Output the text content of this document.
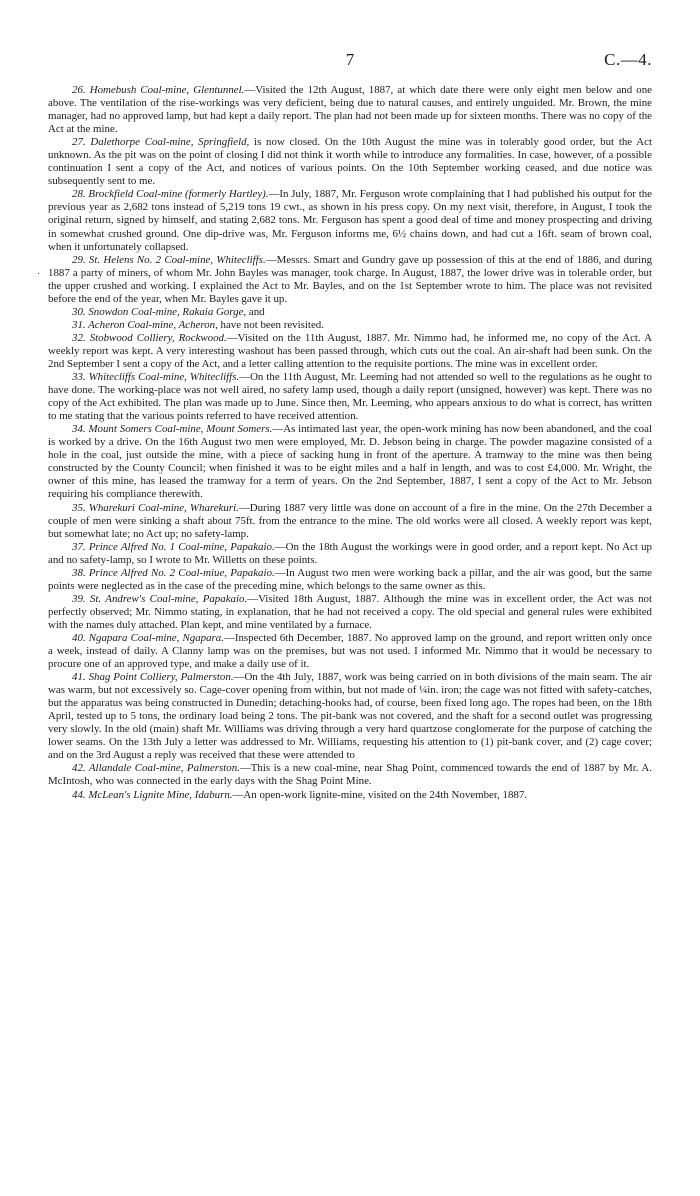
7	C.—4.
·

26. Homebush Coal-mine, Glentunnel.—Visited the 12th August, 1887, at which date there were only eight men below and one above. The ventilation of the rise-workings was very deficient, being due to natural causes, and entirely unguided. Mr. Brown, the mine manager, had no approved lamp, but had kept a daily report. The plan had not been made up for sixteen months. There was no copy of the Act at the mine.

27. Dalethorpe Coal-mine, Springfield, is now closed. On the 10th August the mine was in tolerably good order, but the Act unknown. As the pit was on the point of closing I did not think it worth while to introduce any formalities. In case, however, of a possible continuation I sent a copy of the Act, and notices of various points. On the 10th September working ceased, and due notice was subsequently sent to me.

28. Brockfield Coal-mine (formerly Hartley).—In July, 1887, Mr. Ferguson wrote complaining that I had published his output for the previous year as 2,682 tons instead of 5,219 tons 19 cwt., as shown in his press copy. On my next visit, therefore, in August, I took the original return, signed by himself, and stating 2,682 tons. Mr. Ferguson has spent a good deal of time and money prospecting and driving in somewhat crushed ground. One dip-drive was, Mr. Ferguson informs me, 6½ chains down, and had cut a 16ft. seam of brown coal, when it unfortunately collapsed.

29. St. Helens No. 2 Coal-mine, Whitecliffs.—Messrs. Smart and Gundry gave up possession of this at the end of 1886, and during 1887 a party of miners, of whom Mr. John Bayles was manager, took charge. In August, 1887, the lower drive was in tolerable order, but the upper crushed and working. I explained the Act to Mr. Bayles, and on the 1st September wrote to him. The place was not revisited before the end of the year, when Mr. Bayles gave it up.

30. Snowdon Coal-mine, Rakaia Gorge, and

31. Acheron Coal-mine, Acheron, have not been revisited.

32. Stobwood Colliery, Rockwood.—Visited on the 11th August, 1887. Mr. Nimmo had, he informed me, no copy of the Act. A weekly report was kept. A very interesting washout has been passed through, which cuts out the coal. An air-shaft had been sunk. On the 2nd September I sent a copy of the Act, and a letter calling attention to the requisite portions. The mine was in excellent order.

33. Whitecliffs Coal-mine, Whitecliffs.—On the 11th August, Mr. Leeming had not attended so well to the regulations as he ought to have done. The working-place was not well aired, no safety lamp used, though a daily report (unsigned, however) was kept. There was no copy of the Act exhibited. The plan was made up to June. Since then, Mr. Leeming, who appears anxious to do what is correct, has written to me stating that the various points referred to have received attention.

34. Mount Somers Coal-mine, Mount Somers.—As intimated last year, the open-work mining has now been abandoned, and the coal is worked by a drive. On the 16th August two men were employed, Mr. D. Jebson being in charge. The powder magazine consisted of a hole in the coal, just outside the mine, with a piece of sacking hung in front of the aperture. A tramway to the mine was then being constructed by the County Council; when finished it was to be eight miles and a half in length, and was to cost £4,000. Mr. Wright, the owner of this mine, has leased the tramway for a term of years. On the 2nd September, 1887, I sent a copy of the Act to Mr. Jebson requiring his compliance therewith.

35. Wharekuri Coal-mine, Wharekuri.—During 1887 very little was done on account of a fire in the mine. On the 27th December a couple of men were sinking a shaft about 75ft. from the entrance to the mine. The old works were all closed. A weekly report was kept, but somewhat late; no Act up; no safety-lamp.

37. Prince Alfred No. 1 Coal-mine, Papakaio.—On the 18th August the workings were in good order, and a report kept. No Act up and no safety-lamp, so I wrote to Mr. Willetts on these points.

38. Prince Alfred No. 2 Coal-miue, Papakaio.—In August two men were working back a pillar, and the air was good, but the same points were neglected as in the case of the preceding mine, which belongs to the same owner as this.

39. St. Andrew's Coal-mine, Papakaio.—Visited 18th August, 1887. Although the mine was in excellent order, the Act was not perfectly observed; Mr. Nimmo stating, in explanation, that he had not received a copy. The old special and general rules were exhibited with the names duly attached. Plan kept, and mine ventilated by a furnace.

40. Ngapara Coal-mine, Ngapara.—Inspected 6th December, 1887. No approved lamp on the ground, and report written only once a week, instead of daily. A Clanny lamp was on the premises, but was not used. I informed Mr. Nimmo that it would be necessary to procure one of an approved type, and make a daily use of it.

41. Shag Point Colliery, Palmerston.—On the 4th July, 1887, work was being carried on in both divisions of the main seam. The air was warm, but not excessively so. Cage-cover opening from within, but not made of ¼in. iron; the cage was not fitted with safety-catches, but the apparatus was being constructed in Dunedin; detaching-hooks had, of course, been fixed long ago. The ropes had been, on the 18th April, tested up to 5 tons, the ordinary load being 2 tons. The pit-bank was not covered, and the shaft for a second outlet was progressing very slowly. In the old (main) shaft Mr. Williams was driving through a very hard quartzose conglomerate for the purpose of catching the lower seams. On the 13th July a letter was addressed to Mr. Williams, requesting his attention to (1) pit-bank cover, and (2) cage cover; and on the 3rd August a reply was received that these were attended to

42. Allandale Coal-mine, Palmerston.—This is a new coal-mine, near Shag Point, commenced towards the end of 1887 by Mr. A. McIntosh, who was connected in the early days with the Shag Point Mine.

44. McLean's Lignite Mine, Idaburn.—An open-work lignite-mine, visited on the 24th November, 1887.
